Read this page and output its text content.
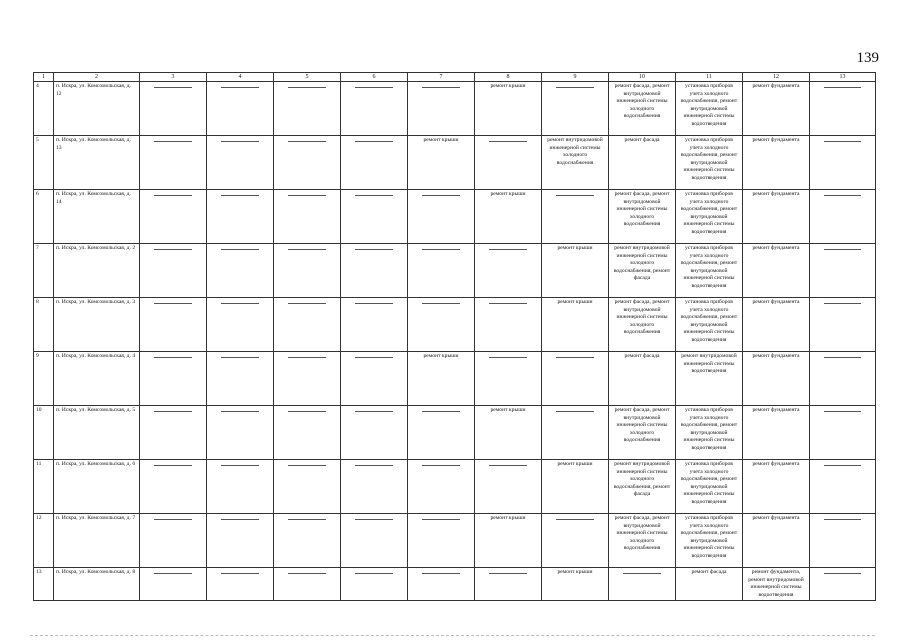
139
1	2	3	4	5	6	7	8	9	10	11	12	13
4	п. Искра, ул. Комсомольская, д. 12						ремонт крыши		ремонт фасада, ремонт внутридомовой инженерной системы холодного водоснабжения	установка приборов учета холодного водоснабжения, ремонт внутридомовой инженерной системы водоотведения	ремонт фундамента	

5	п. Искра, ул. Комсомольская, д. 13					ремонт крыши		ремонт внутридомовой инженерной системы холодного водоснабжения	ремонт фасада	установка приборов учета холодного водоснабжения, ремонт внутридомовой инженерной системы водоотведения	ремонт фундамента	

6	п. Искра, ул. Комсомольская, д. 14						ремонт крыши		ремонт фасада, ремонт внутридомовой инженерной системы холодного водоснабжения	установка приборов учета холодного водоснабжения, ремонт внутридомовой инженерной системы водоотведения	ремонт фундамента	

7	п. Искра, ул. Комсомольская, д. 2							ремонт крыши	ремонт внутридомовой инженерной системы холодного водоснабжения, ремонт фасада	установка приборов учета холодного водоснабжения, ремонт внутридомовой инженерной системы водоотведения	ремонт фундамента	

8	п. Искра, ул. Комсомольская, д. 3							ремонт крыши	ремонт фасада, ремонт внутридомовой инженерной системы холодного водоснабжения	установка приборов учета холодного водоснабжения, ремонт внутридомовой инженерной системы водоотведения	ремонт фундамента	

9	п. Искра, ул. Комсомольская, д. 4					ремонт крыши			ремонт фасада	ремонт внутридомовой инженерной системы водоотведения	ремонт фундамента	

10	п. Искра, ул. Комсомольская, д. 5						ремонт крыши		ремонт фасада, ремонт внутридомовой инженерной системы холодного водоснабжения	установка приборов учета холодного водоснабжения, ремонт внутридомовой инженерной системы водоотведения	ремонт фундамента	

11	п. Искра, ул. Комсомольская, д. 6							ремонт крыши	ремонт внутридомовой инженерной системы холодного водоснабжения, ремонт фасада	установка приборов учета холодного водоснабжения, ремонт внутридомовой инженерной системы водоотведения	ремонт фундамента	

12	п. Искра, ул. Комсомольская, д. 7						ремонт крыши		ремонт фасада, ремонт внутридомовой инженерной системы холодного водоснабжения	установка приборов учета холодного водоснабжения, ремонт внутридомовой инженерной системы водоотведения	ремонт фундамента	

13	п. Искра, ул. Комсомольская, д. 8							ремонт крыши		ремонт фасада	ремонт фундамента, ремонт внутридомовой инженерной системы водоотведения	
